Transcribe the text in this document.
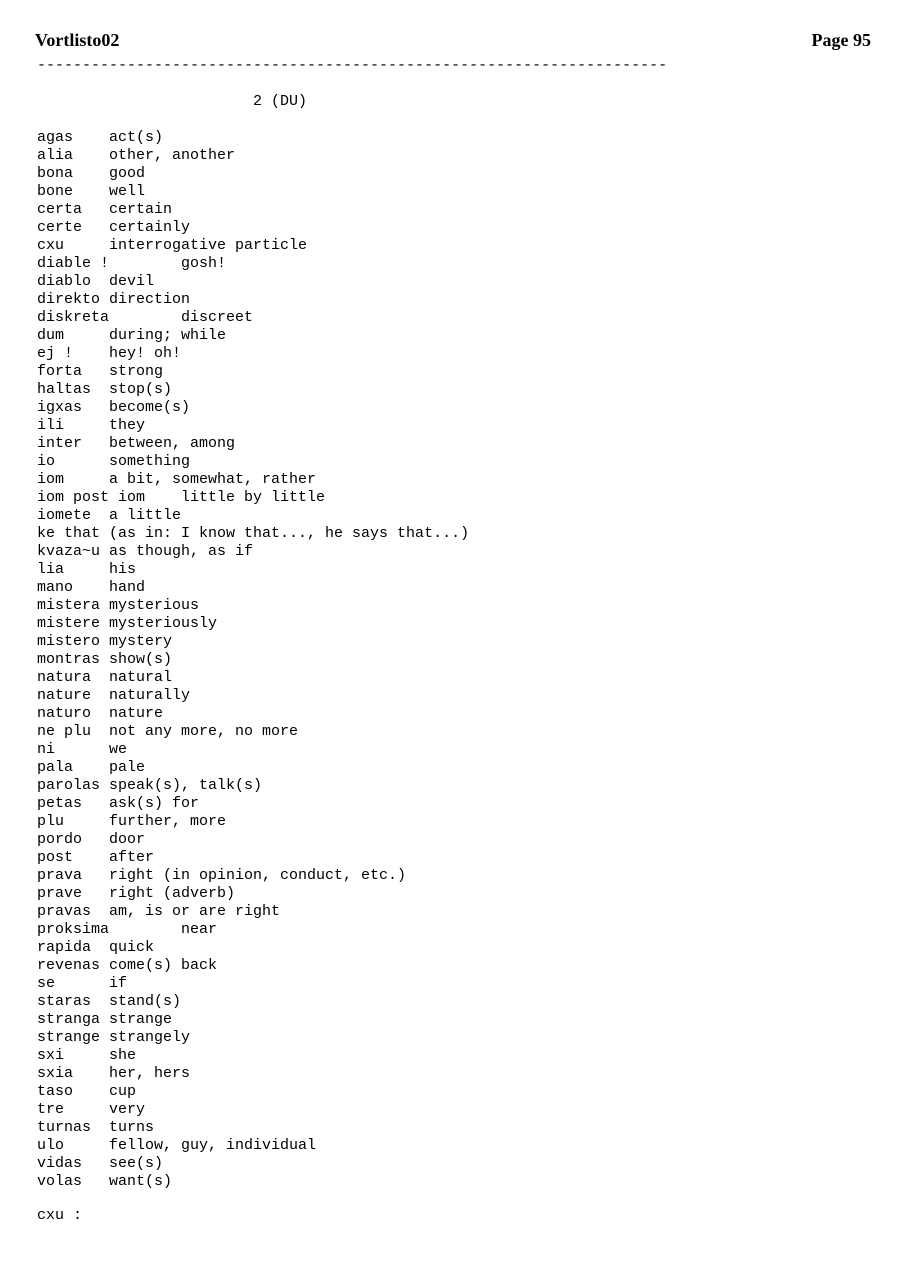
Vortlisto02	Page 95
----------------------------------------------------------------------
2 (DU)
agas    act(s)
alia    other, another
bona    good
bone    well
certa   certain
certe   certainly
cxu     interrogative particle
diable !        gosh!
diablo  devil
direkto direction
diskreta        discreet
dum     during; while
ej !    hey! oh!
forta   strong
haltas  stop(s)
igxas   become(s)
ili     they
inter   between, among
io      something
iom     a bit, somewhat, rather
iom post iom    little by little
iomete  a little
ke that (as in: I know that..., he says that...)
kvaza~u as though, as if
lia     his
mano    hand
mistera mysterious
mistere mysteriously
mistero mystery
montras show(s)
natura  natural
nature  naturally
naturo  nature
ne plu  not any more, no more
ni      we
pala    pale
parolas speak(s), talk(s)
petas   ask(s) for
plu     further, more
pordo   door
post    after
prava   right (in opinion, conduct, etc.)
prave   right (adverb)
pravas  am, is or are right
proksima        near
rapida  quick
revenas come(s) back
se      if
staras  stand(s)
stranga strange
strange strangely
sxi     she
sxia    her, hers
taso    cup
tre     very
turnas  turns
ulo     fellow, guy, individual
vidas   see(s)
volas   want(s)
cxu :
